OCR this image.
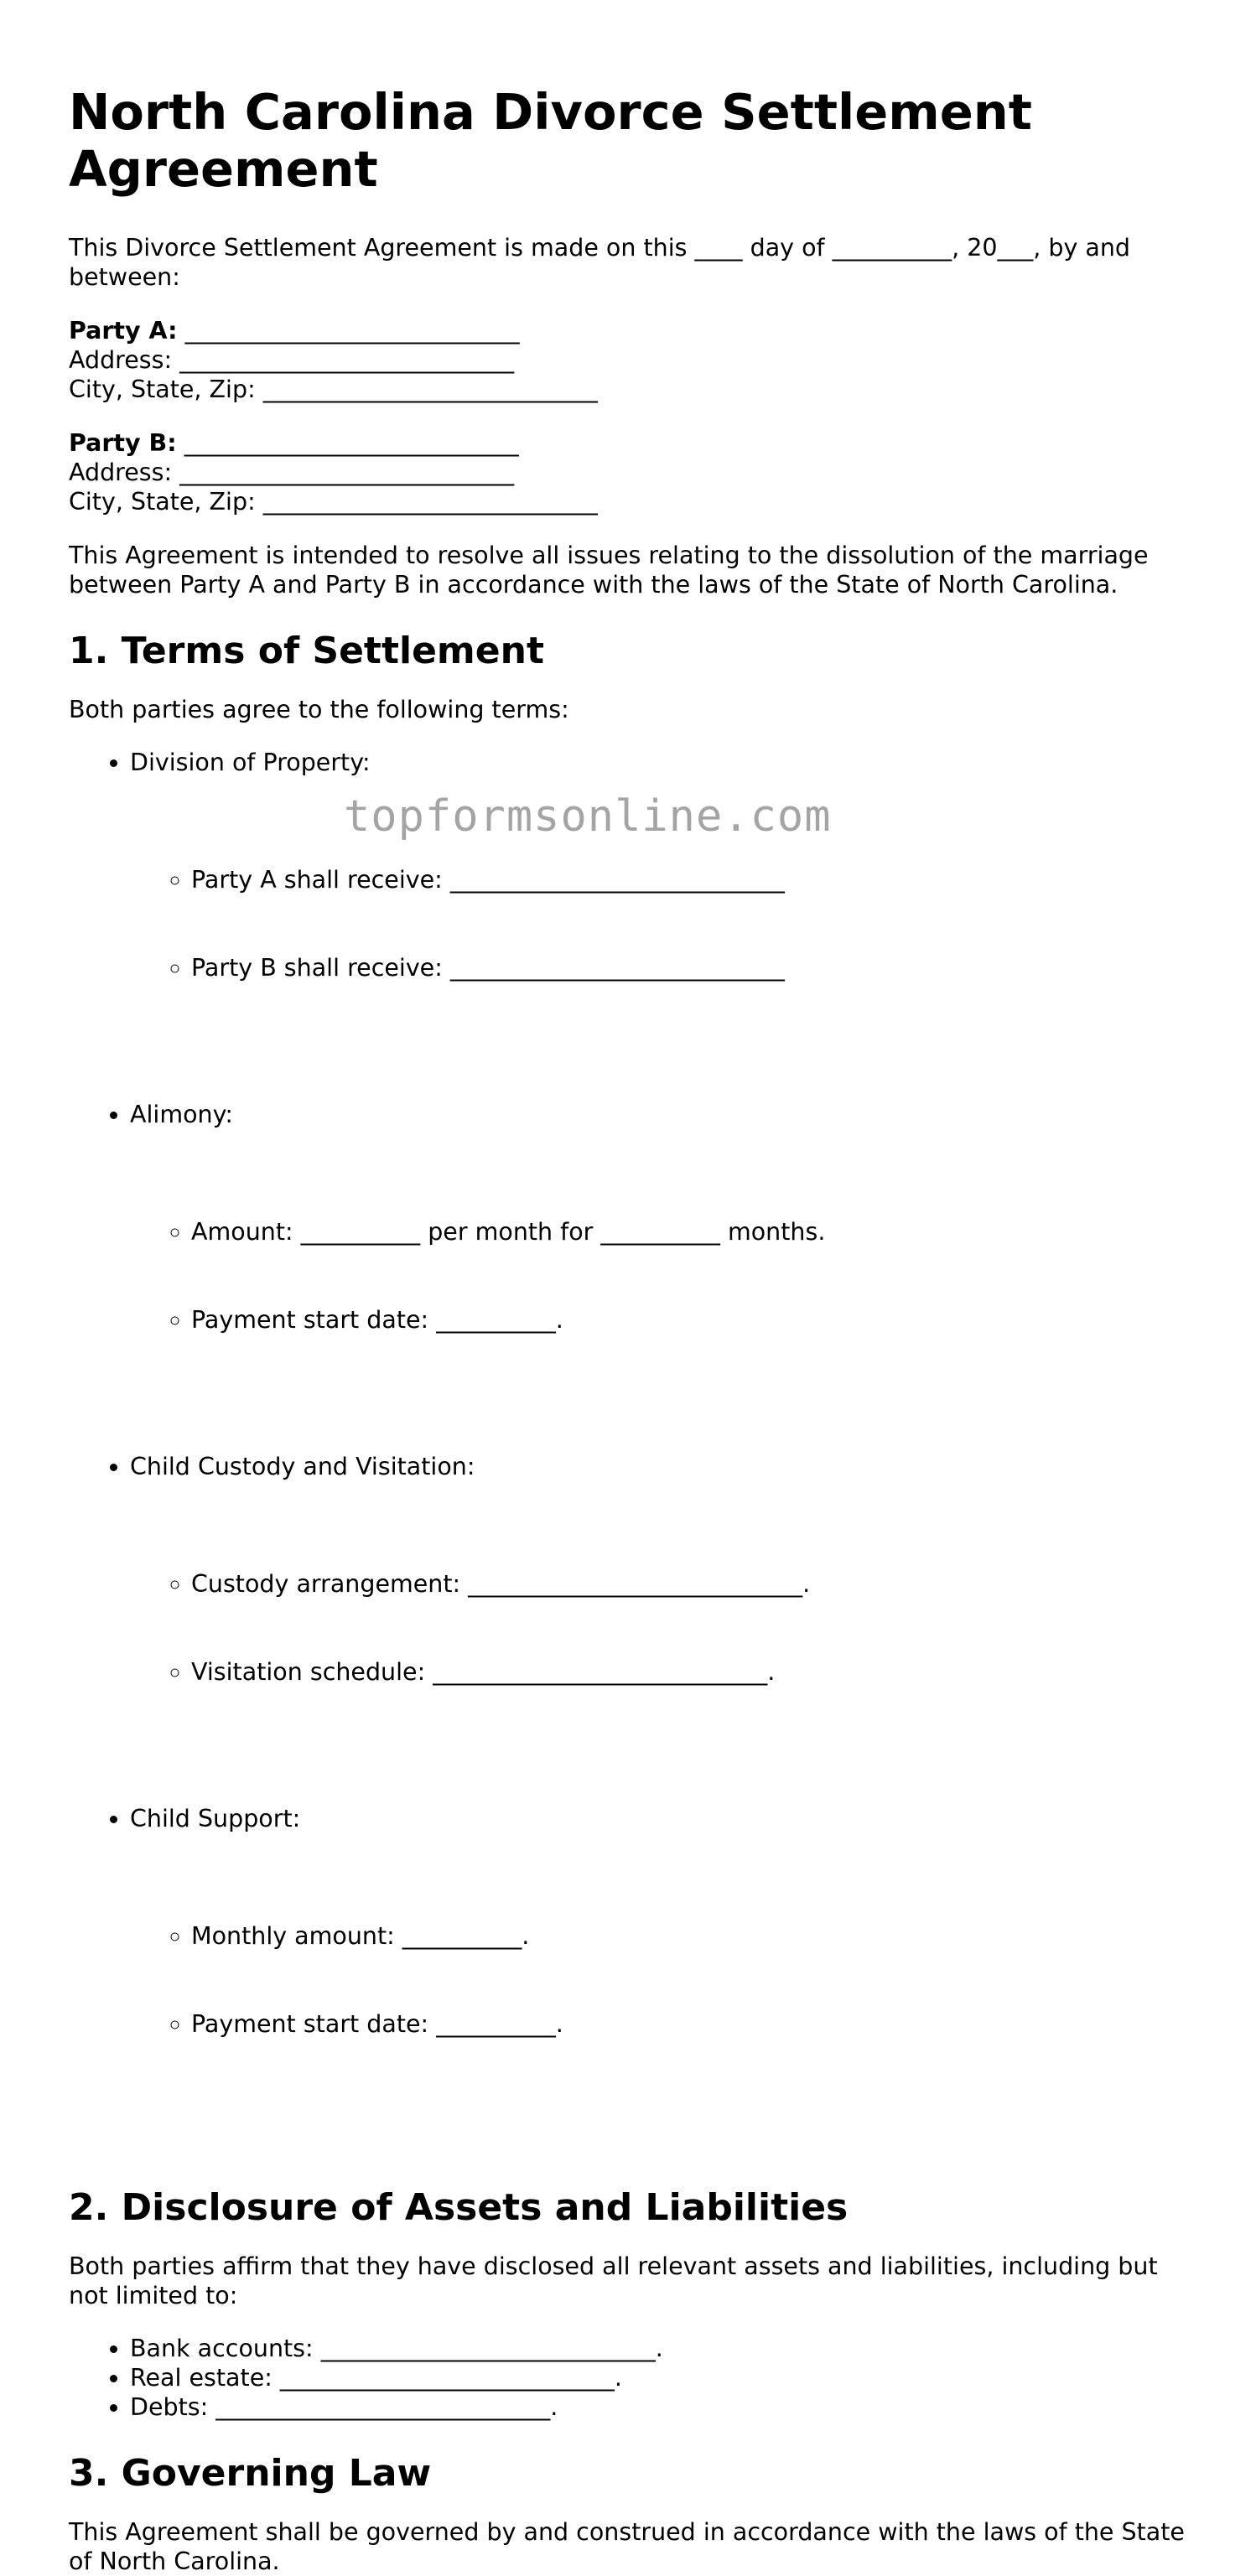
North Carolina Divorce Settlement Agreement

This Divorce Settlement Agreement is made on this ____ day of __________, 20___, by and between:

Party A: ____________________________
Address: ____________________________
City, State, Zip: ____________________________
Party B: ____________________________
Address: ____________________________
City, State, Zip: ____________________________

This Agreement is intended to resolve all issues relating to the dissolution of the marriage between Party A and Party B in accordance with the laws of the State of North Carolina.

1. Terms of Settlement

Both parties agree to the following terms:

• Division of Property:

◦ Party A shall receive: ____________________________

◦ Party B shall receive: ____________________________

• Alimony:

◦ Amount: __________ per month for __________ months.

◦ Payment start date: __________.

• Child Custody and Visitation:

◦ Custody arrangement: ____________________________.

◦ Visitation schedule: ____________________________.

• Child Support:

◦ Monthly amount: __________.

◦ Payment start date: __________.

2. Disclosure of Assets and Liabilities

Both parties affirm that they have disclosed all relevant assets and liabilities, including but not limited to:

• Bank accounts: ____________________________.
• Real estate: ____________________________.
• Debts: ____________________________.
3. Governing Law

This Agreement shall be governed by and construed in accordance with the laws of the State of North Carolina.

topformsonline.com
